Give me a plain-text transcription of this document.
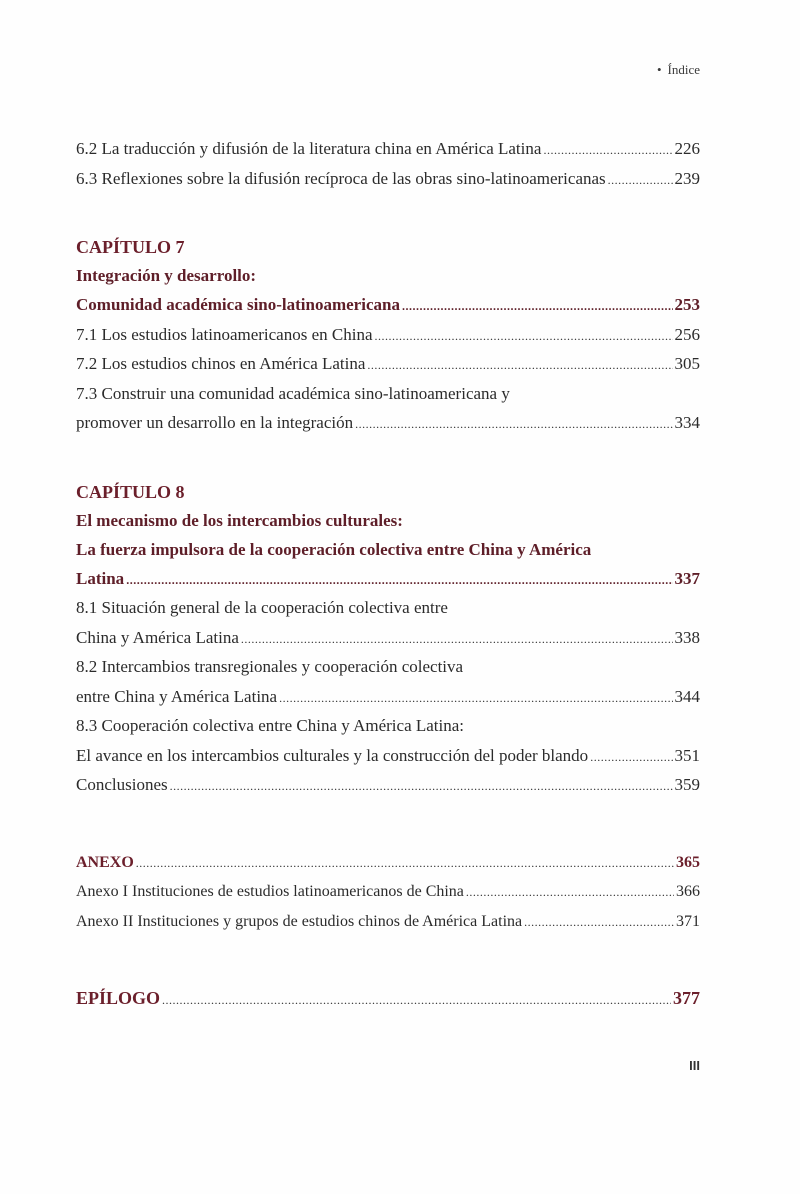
• Índice
6.2 La traducción y difusión de la literatura china en América Latina .....	226
6.3 Reflexiones sobre la difusión recíproca de las obras sino-latinoamericanas .....	239
CAPÍTULO 7
Integración y desarrollo:
Comunidad académica sino-latinoamericana .....	253
7.1 Los estudios latinoamericanos en China .....	256
7.2 Los estudios chinos en América Latina .....	305
7.3 Construir una comunidad académica sino-latinoamericana y
promover un desarrollo en la integración .....	334
CAPÍTULO 8
El mecanismo de los intercambios culturales:
La fuerza impulsora de la cooperación colectiva entre China y América
Latina .....	337
8.1 Situación general de la cooperación colectiva entre
China y América Latina .....	338
8.2 Intercambios transregionales y cooperación colectiva
entre China y América Latina .....	344
8.3 Cooperación colectiva entre China y América Latina:
El avance en los intercambios culturales y la construcción del poder blando .....	351
Conclusiones .....	359
ANEXO .....	365
Anexo I Instituciones de estudios latinoamericanos de China .....	366
Anexo II Instituciones y grupos de estudios chinos de América Latina .....	371
EPÍLOGO .....	377
III
